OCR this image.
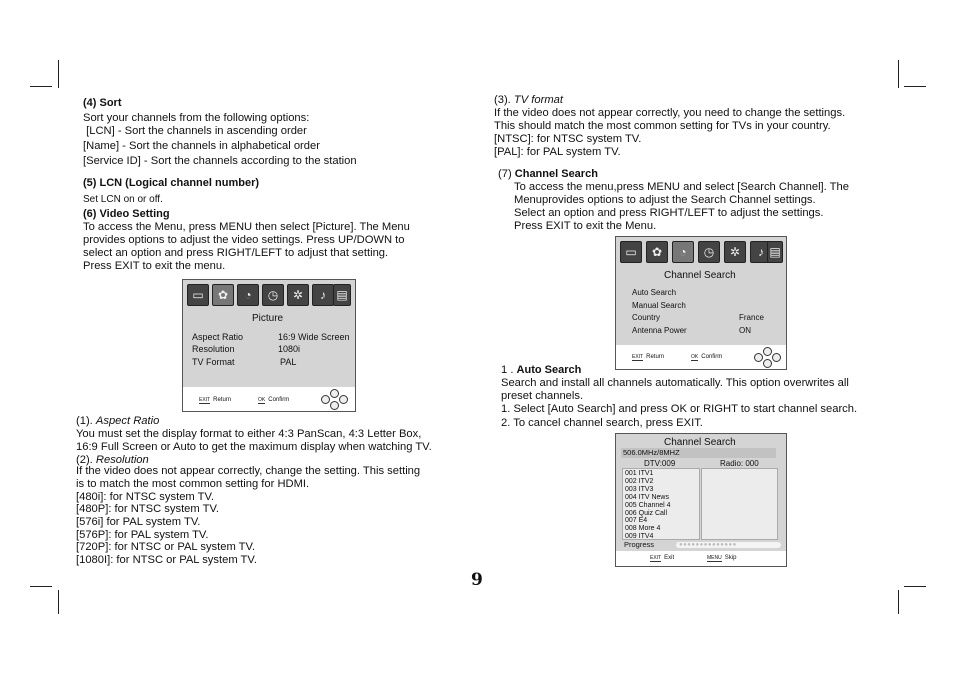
(4) Sort
Sort your channels from the following options:
[LCN] - Sort the channels in ascending order
[Name] - Sort the channels in alphabetical order
[Service ID] - Sort the channels according to the station
(5) LCN (Logical channel number)
Set LCN on or off.
(6) Video Setting
To access the Menu, press MENU then select [Picture]. The Menu
provides options to adjust the video settings. Press UP/DOWN to
select an option and press RIGHT/LEFT to adjust that setting.
Press EXIT to exit the menu.
▭	✿	◔	◷	✲	♪ ▤
Picture
Aspect Ratio	16:9 Wide Screen
Resolution	1080i
TV Format	PAL
EXIT Return	OK Confirm
(1). Aspect Ratio
You must set the display format to either 4:3 PanScan, 4:3 Letter Box,
16:9 Full Screen or Auto to get the maximum display when watching TV.
(2). Resolution
If the video does not appear correctly, change the setting. This setting
is to match the most common setting for HDMI.
[480i]: for NTSC system TV.
[480P]: for NTSC system TV.
[576i] for PAL system TV.
[576P]: for PAL system TV.
[720P]: for NTSC or PAL system TV.
[1080I]: for NTSC or PAL system TV.
(3). TV format
If the video does not appear correctly, you need to change the settings.
This should match the most common setting for TVs in your country.
[NTSC]: for NTSC system TV.
[PAL]: for PAL system TV.
(7) Channel Search
To access the menu,press MENU and select [Search Channel]. The
Menuprovides options to adjust the Search Channel settings.
Select an option and press RIGHT/LEFT to adjust the settings.
Press EXIT to exit the Menu.
▭	✿	◔	◷	✲	♪ ▤
Channel Search
Auto Search
Manual Search
Country	France
Antenna Power	ON
EXIT Return	OK Confirm
1 . Auto Search
Search and install all channels automatically. This option overwrites all
preset channels.
1. Select [Auto Search] and press OK or RIGHT to start channel search.
2. To cancel channel search, press EXIT.
Channel Search
506.0MHz/8MHZ
DTV:009	Radio: 000
001 ITV1
002 ITV2
003 ITV3
004 ITV News
005 Channel 4
006 Quiz Call
007 E4
008 More 4
009 ITV4
Progress	●●●●●●●●●●●●●●
EXIT Exit	MENU Skip
9
